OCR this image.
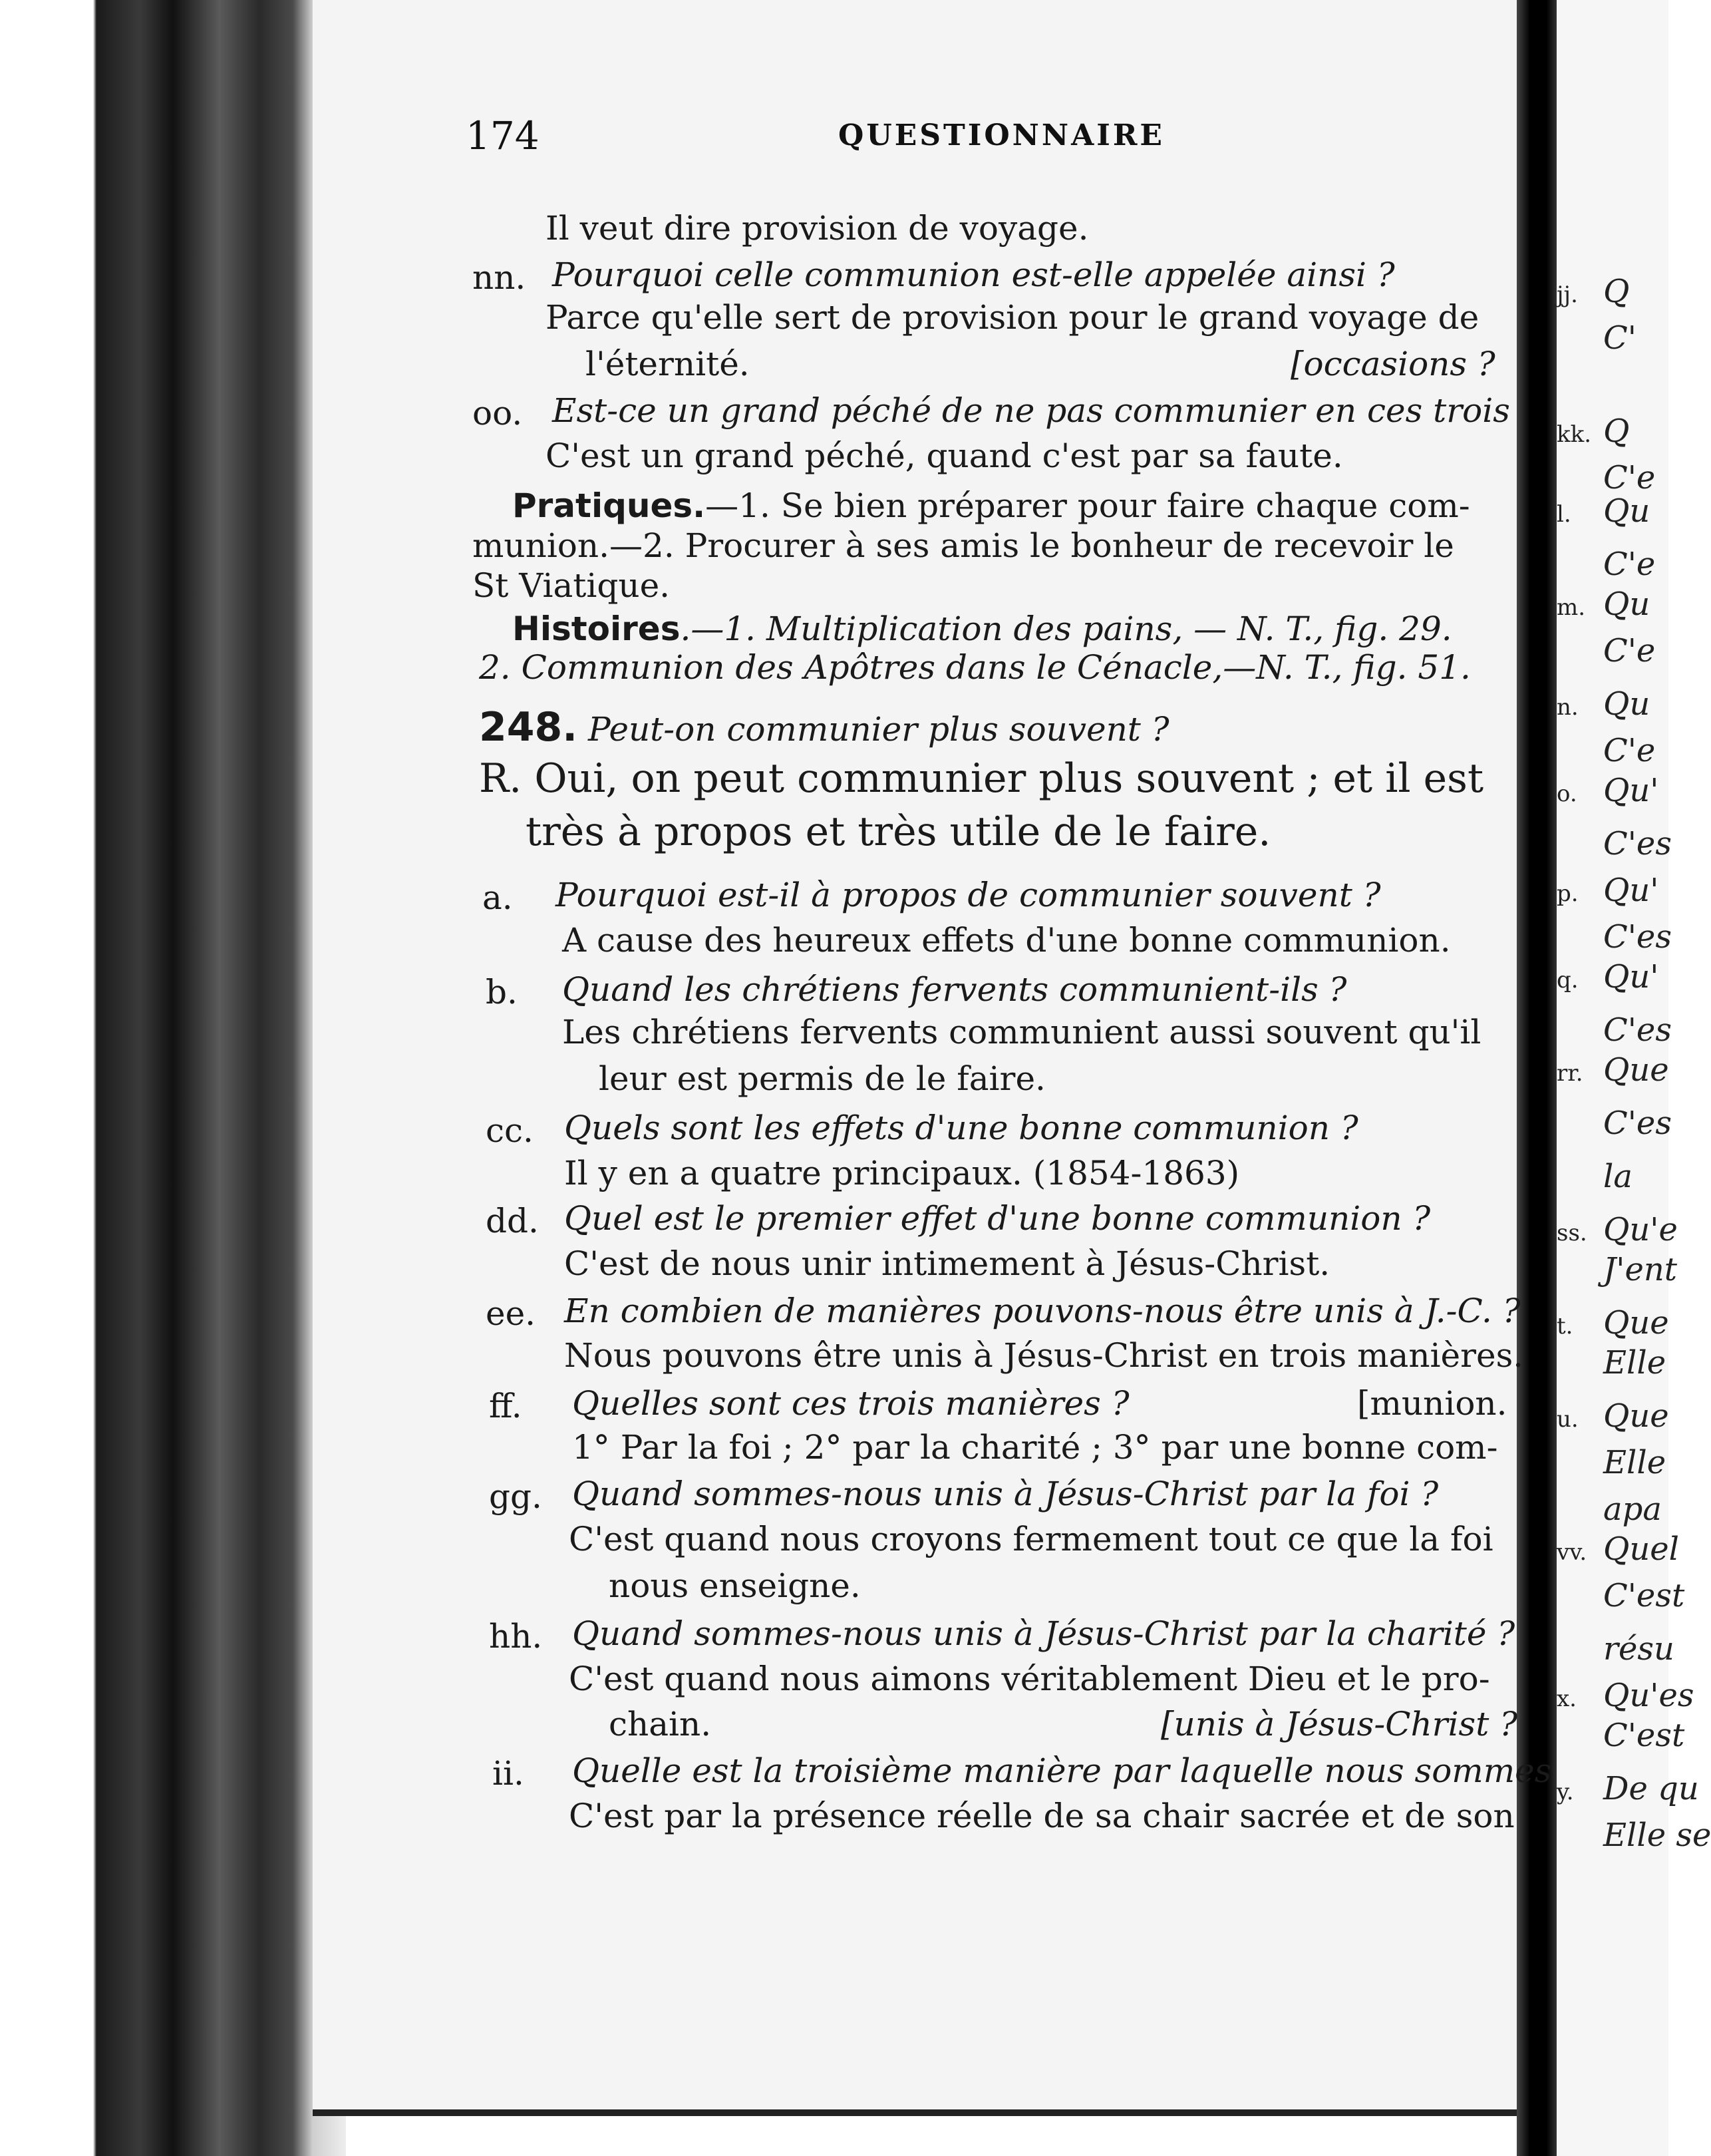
jj. Q
C'
kk. Q
C'e
l. Qu
C'e
m. Qu
C'e
n. Qu
C'e
o. Qu'
C'es
p. Qu'
C'es
q. Qu'
C'es
rr. Que
C'es
la
ss. Qu'e
J'ent
t. Que
Elle
u. Que
Elle
apa
vv. Quel
C'est
résu
x. Qu'es
C'est
y. De qu
Elle se
174	QUESTIONNAIRE
Il veut dire provision de voyage.
nn. Pourquoi celle communion est-elle appelée ainsi ?
Parce qu'elle sert de provision pour le grand voyage de
l'éternité.	[occasions ?
oo. Est-ce un grand péché de ne pas communier en ces trois
C'est un grand péché, quand c'est par sa faute.
Pratiques.—1. Se bien préparer pour faire chaque com-
munion.—2. Procurer à ses amis le bonheur de recevoir le
St Viatique.
Histoires.—1. Multiplication des pains, — N. T., fig. 29.
2. Communion des Apôtres dans le Cénacle,—N. T., fig. 51.
248. Peut-on communier plus souvent ?
R. Oui, on peut communier plus souvent ; et il est
très à propos et très utile de le faire.
a. Pourquoi est-il à propos de communier souvent ?
A cause des heureux effets d'une bonne communion.
b. Quand les chrétiens fervents communient-ils ?
Les chrétiens fervents communient aussi souvent qu'il
leur est permis de le faire.
cc. Quels sont les effets d'une bonne communion ?
Il y en a quatre principaux. (1854-1863)
dd. Quel est le premier effet d'une bonne communion ?
C'est de nous unir intimement à Jésus-Christ.
ee. En combien de manières pouvons-nous être unis à J.-C. ?
Nous pouvons être unis à Jésus-Christ en trois manières.
ff. Quelles sont ces trois manières ?	[munion.
1° Par la foi ; 2° par la charité ; 3° par une bonne com-
gg. Quand sommes-nous unis à Jésus-Christ par la foi ?
C'est quand nous croyons fermement tout ce que la foi
nous enseigne.
hh. Quand sommes-nous unis à Jésus-Christ par la charité ?
C'est quand nous aimons véritablement Dieu et le pro-
chain.	[unis à Jésus-Christ ?
ii. Quelle est la troisième manière par laquelle nous sommes
C'est par la présence réelle de sa chair sacrée et de son
